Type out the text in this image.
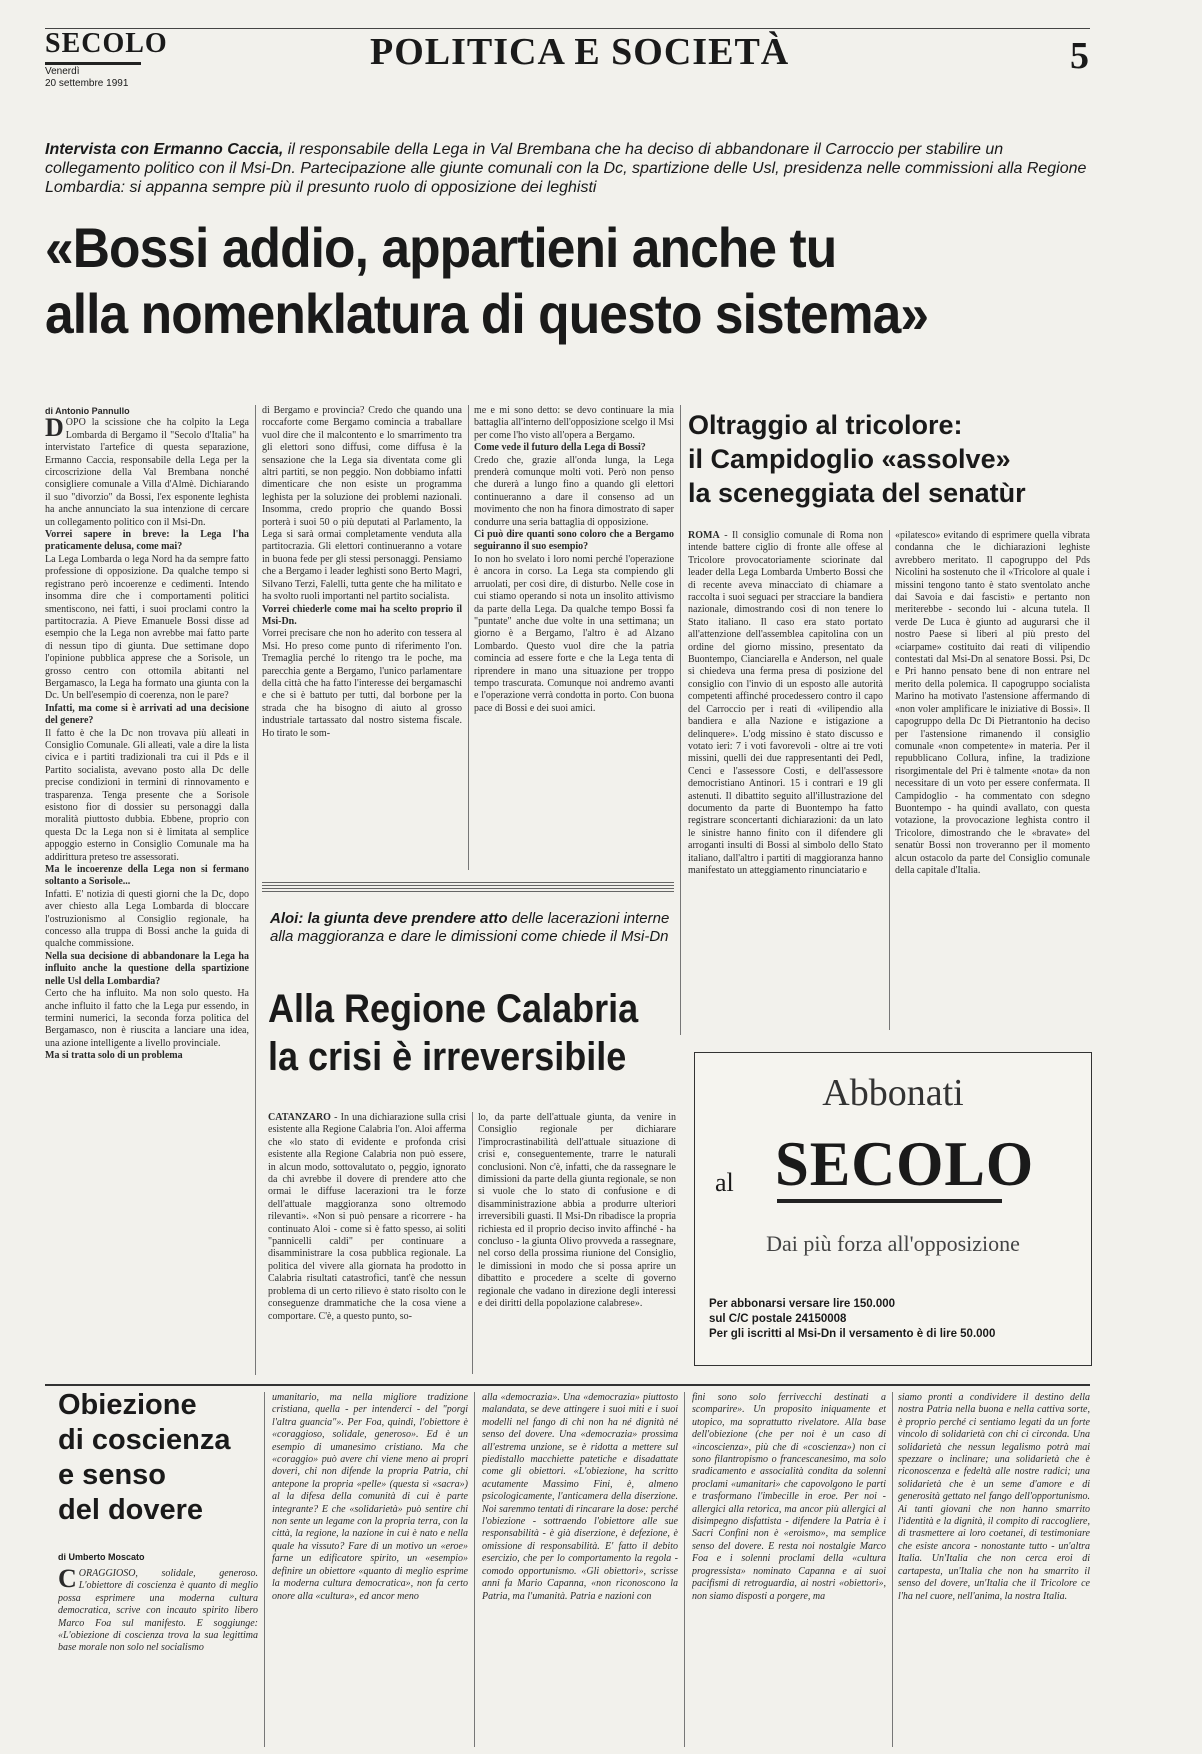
SECOLO
Venerdì
20 settembre 1991
POLITICA E SOCIETÀ	5
Intervista con Ermanno Caccia, il responsabile della Lega in Val Brembana che ha deciso di abbandonare il Carroccio per stabilire un collegamento politico con il Msi-Dn. Partecipazione alle giunte comunali con la Dc, spartizione delle Usl, presidenza nelle commissioni alla Regione Lombardia: si appanna sempre più il presunto ruolo di opposizione dei leghisti
«Bossi addio, appartieni anche tu
alla nomenklatura di questo sistema»
di Antonio Pannullo
D OPO la scissione che ha colpito la Lega Lombarda di Bergamo il "Secolo d'Italia" ha intervistato l'artefice di questa separazione, Ermanno Caccia, responsabile della Lega per la circoscrizione della Val Brembana nonché consigliere comunale a Villa d'Almè. Dichiarando il suo "divorzio" da Bossi, l'ex esponente leghista ha anche annunciato la sua intenzione di cercare un collegamento politico con il Msi-Dn.
Vorrei sapere in breve: la Lega l'ha praticamente delusa, come mai?
La Lega Lombarda o lega Nord ha da sempre fatto professione di opposizione. Da qualche tempo si registrano però incoerenze e cedimenti. Intendo insomma dire che i comportamenti politici smentiscono, nei fatti, i suoi proclami contro la partitocrazia. A Pieve Emanuele Bossi disse ad esempio che la Lega non avrebbe mai fatto parte di nessun tipo di giunta. Due settimane dopo l'opinione pubblica apprese che a Sorisole, un grosso centro con ottomila abitanti nel Bergamasco, la Lega ha formato una giunta con la Dc. Un bell'esempio di coerenza, non le pare?
Infatti, ma come si è arrivati ad una decisione del genere?
Il fatto è che la Dc non trovava più alleati in Consiglio Comunale. Gli alleati, vale a dire la lista civica e i partiti tradizionali tra cui il Pds e il Partito socialista, avevano posto alla Dc delle precise condizioni in termini di rinnovamento e trasparenza. Tenga presente che a Sorisole esistono fior di dossier su personaggi dalla moralità piuttosto dubbia. Ebbene, proprio con questa Dc la Lega non si è limitata al semplice appoggio esterno in Consiglio Comunale ma ha addirittura preteso tre assessorati.
Ma le incoerenze della Lega non si fermano soltanto a Sorisole...
Infatti. E' notizia di questi giorni che la Dc, dopo aver chiesto alla Lega Lombarda di bloccare l'ostruzionismo al Consiglio regionale, ha concesso alla truppa di Bossi anche la guida di qualche commissione.
Nella sua decisione di abbandonare la Lega ha influito anche la questione della spartizione nelle Usl della Lombardia?
Certo che ha influito. Ma non solo questo. Ha anche influito il fatto che la Lega pur essendo, in termini numerici, la seconda forza politica del Bergamasco, non è riuscita a lanciare una idea, una azione intelligente a livello provinciale.
Ma si tratta solo di un problema
di Bergamo e provincia? Credo che quando una roccaforte come Bergamo comincia a traballare vuol dire che il malcontento e lo smarrimento tra gli elettori sono diffusi, come diffusa è la sensazione che la Lega sia diventata come gli altri partiti, se non peggio. Non dobbiamo infatti dimenticare che non esiste un programma leghista per la soluzione dei problemi nazionali. Insomma, credo proprio che quando Bossi porterà i suoi 50 o più deputati al Parlamento, la Lega si sarà ormai completamente venduta alla partitocrazia. Gli elettori continueranno a votare in buona fede per gli stessi personaggi. Pensiamo che a Bergamo i leader leghisti sono Berto Magri, Silvano Terzi, Falelli, tutta gente che ha militato e ha svolto ruoli importanti nel partito socialista.
Vorrei chiederle come mai ha scelto proprio il Msi-Dn.
Vorrei precisare che non ho aderito con tessera al Msi. Ho preso come punto di riferimento l'on. Tremaglia perché lo ritengo tra le poche, ma parecchia gente a Bergamo, l'unico parlamentare della città che ha fatto l'interesse dei bergamaschi e che si è battuto per tutti, dal borbone per la strada che ha bisogno di aiuto al grosso industriale tartassato dal nostro sistema fiscale. Ho tirato le som-
me e mi sono detto: se devo continuare la mia battaglia all'interno dell'opposizione scelgo il Msi per come l'ho visto all'opera a Bergamo.
Come vede il futuro della Lega di Bossi?
Credo che, grazie all'onda lunga, la Lega prenderà comunque molti voti. Però non penso che durerà a lungo fino a quando gli elettori continueranno a dare il consenso ad un movimento che non ha finora dimostrato di saper condurre una seria battaglia di opposizione.
Ci può dire quanti sono coloro che a Bergamo seguiranno il suo esempio?
Io non ho svelato i loro nomi perché l'operazione è ancora in corso. La Lega sta compiendo gli arruolati, per così dire, di disturbo. Nelle cose in cui stiamo operando si nota un insolito attivismo da parte della Lega. Da qualche tempo Bossi fa "puntate" anche due volte in una settimana; un giorno è a Bergamo, l'altro è ad Alzano Lombardo. Questo vuol dire che la patria comincia ad essere forte e che la Lega tenta di riprendere in mano una situazione per troppo tempo trascurata. Comunque noi andremo avanti e l'operazione verrà condotta in porto. Con buona pace di Bossi e dei suoi amici.
Oltraggio al tricolore:
il Campidoglio «assolve»
la sceneggiata del senatùr
ROMA - Il consiglio comunale di Roma non intende battere ciglio di fronte alle offese al Tricolore provocatoriamente sciorinate dal leader della Lega Lombarda Umberto Bossi che di recente aveva minacciato di chiamare a raccolta i suoi seguaci per stracciare la bandiera nazionale, dimostrando così di non tenere lo Stato italiano. Il caso era stato portato all'attenzione dell'assemblea capitolina con un ordine del giorno missino, presentato da Buontempo, Cianciarella e Anderson, nel quale si chiedeva una ferma presa di posizione del consiglio con l'invio di un esposto alle autorità competenti affinché procedessero contro il capo del Carroccio per i reati di «vilipendio alla bandiera e alla Nazione e istigazione a delinquere». L'odg missino è stato discusso e votato ieri: 7 i voti favorevoli - oltre ai tre voti missini, quelli dei due rappresentanti dei Pedl, Cenci e l'assessore Costi, e dell'assessore democristiano Antinori. 15 i contrari e 19 gli astenuti. Il dibattito seguito all'illustrazione del documento da parte di Buontempo ha fatto registrare sconcertanti dichiarazioni: da un lato le sinistre hanno finito con il difendere gli arroganti insulti di Bossi al simbolo dello Stato italiano, dall'altro i partiti di maggioranza hanno manifestato un atteggiamento rinunciatario e
«pilatesco» evitando di esprimere quella vibrata condanna che le dichiarazioni leghiste avrebbero meritato. Il capogruppo del Pds Nicolini ha sostenuto che il «Tricolore al quale i missini tengono tanto è stato sventolato anche dai Savoia e dai fascisti» e pertanto non meriterebbe - secondo lui - alcuna tutela. Il verde De Luca è giunto ad augurarsi che il nostro Paese si liberi al più presto del «ciarpame» costituito dai reati di vilipendio contestati dal Msi-Dn al senatore Bossi. Psi, Dc e Pri hanno pensato bene di non entrare nel merito della polemica. Il capogruppo socialista Marino ha motivato l'astensione affermando di «non voler amplificare le iniziative di Bossi». Il capogruppo della Dc Di Pietrantonio ha deciso per l'astensione rimanendo il consiglio comunale «non competente» in materia. Per il repubblicano Collura, infine, la tradizione risorgimentale del Pri è talmente «nota» da non necessitare di un voto per essere confermata. Il Campidoglio - ha commentato con sdegno Buontempo - ha quindi avallato, con questa votazione, la provocazione leghista contro il Tricolore, dimostrando che le «bravate» del senatùr Bossi non troveranno per il momento alcun ostacolo da parte del Consiglio comunale della capitale d'Italia.
Aloi: la giunta deve prendere atto delle lacerazioni interne alla maggioranza e dare le dimissioni come chiede il Msi-Dn
Alla Regione Calabria
la crisi è irreversibile
CATANZARO - In una dichiarazione sulla crisi esistente alla Regione Calabria l'on. Aloi afferma che «lo stato di evidente e profonda crisi esistente alla Regione Calabria non può essere, in alcun modo, sottovalutato o, peggio, ignorato da chi avrebbe il dovere di prendere atto che ormai le diffuse lacerazioni tra le forze dell'attuale maggioranza sono oltremodo rilevanti». «Non si può pensare a ricorrere - ha continuato Aloi - come si è fatto spesso, ai soliti "pannicelli caldi" per continuare a disamministrare la cosa pubblica regionale. La politica del vivere alla giornata ha prodotto in Calabria risultati catastrofici, tant'è che nessun problema di un certo rilievo è stato risolto con le conseguenze drammatiche che la cosa viene a comportare. C'è, a questo punto, so-
lo, da parte dell'attuale giunta, da venire in Consiglio regionale per dichiarare l'improcrastinabilità dell'attuale situazione di crisi e, conseguentemente, trarre le naturali conclusioni. Non c'è, infatti, che da rassegnare le dimissioni da parte della giunta regionale, se non si vuole che lo stato di confusione e di disamministrazione abbia a produrre ulteriori irreversibili guasti. Il Msi-Dn ribadisce la propria richiesta ed il proprio deciso invito affinché - ha concluso - la giunta Olivo provveda a rassegnare, nel corso della prossima riunione del Consiglio, le dimissioni in modo che si possa aprire un dibattito e procedere a scelte di governo regionale che vadano in direzione degli interessi e dei diritti della popolazione calabrese».
Abbonati
al SECOLO
Dai più forza all'opposizione
Per abbonarsi versare lire 150.000
sul C/C postale 24150008
Per gli iscritti al Msi-Dn il versamento è di lire 50.000
Obiezione
di coscienza
e senso
del dovere
di Umberto Moscato
CORAGGIOSO, solidale, generoso. L'obiettore di coscienza è quanto di meglio possa esprimere una moderna cultura democratica, scrive con incauto spirito libero Marco Foa sul manifesto. E soggiunge: «L'obiezione di coscienza trova la sua legittima base morale non solo nel socialismo
umanitario, ma nella migliore tradizione cristiana, quella - per intenderci - del "porgi l'altra guancia"». Per Foa, quindi, l'obiettore è «coraggioso, solidale, generoso». Ed è un esempio di umanesimo cristiano. Ma che «coraggio» può avere chi viene meno ai propri doveri, chi non difende la propria Patria, chi antepone la propria «pelle» (questa sì «sacra») al la difesa della comunità di cui è parte integrante? E che «solidarietà» può sentire chi non sente un legame con la propria terra, con la città, la regione, la nazione in cui è nato e nella quale ha vissuto? Fare di un motivo un «eroe» farne un edificatore spirito, un «esempio» definire un obiettore «quanto di meglio esprime la moderna cultura democratica», non fa certo onore alla «cultura», ed ancor meno
alla «democrazia». Una «democrazia» piuttosto malandata, se deve attingere i suoi miti e i suoi modelli nel fango di chi non ha né dignità né senso del dovere. Una «democrazia» prossima all'estrema unzione, se è ridotta a mettere sul piedistallo macchiette patetiche e disadattate come gli obiettori. «L'obiezione, ha scritto acutamente Massimo Fini, è, almeno psicologicamente, l'anticamera della diserzione. Noi saremmo tentati di rincarare la dose: perché l'obiezione - sottraendo l'obiettore alle sue responsabilità - è già diserzione, è defezione, è omissione di responsabilità. E' fatto il debito esercizio, che per lo comportamento la regola - comodo opportunismo. «Gli obiettori», scrisse anni fa Mario Capanna, «non riconoscono la Patria, ma l'umanità. Patria e nazioni con
fini sono solo ferrivecchi destinati a scomparire». Un proposito iniquamente et utopico, ma soprattutto rivelatore. Alla base dell'obiezione (che per noi è un caso di «incoscienza», più che di «coscienza») non ci sono filantropismo o francescanesimo, ma solo sradicamento e associalità condita da solenni proclami «umanitari» che capovolgono le parti e trasformano l'imbecille in eroe. Per noi - allergici alla retorica, ma ancor più allergici al disimpegno disfattista - difendere la Patria è i Sacri Confini non è «eroismo», ma semplice senso del dovere. E resta noi nostalgie Marco Foa e i solenni proclami della «cultura progressista» nominato Capanna e ai suoi pacifismi di retroguardia, ai nostri «obiettori», non siamo disposti a porgere, ma
siamo pronti a condividere il destino della nostra Patria nella buona e nella cattiva sorte, è proprio perché ci sentiamo legati da un forte vincolo di solidarietà con chi ci circonda. Una solidarietà che nessun legalismo potrà mai spezzare o inclinare; una solidarietà che è riconoscenza e fedeltà alle nostre radici; una solidarietà che è un seme d'amore e di generosità gettato nel fango dell'opportunismo. Ai tanti giovani che non hanno smarrito l'identità e la dignità, il compito di raccogliere, di trasmettere ai loro coetanei, di testimoniare che esiste ancora - nonostante tutto - un'altra Italia. Un'Italia che non cerca eroi di cartapesta, un'Italia che non ha smarrito il senso del dovere, un'Italia che il Tricolore ce l'ha nel cuore, nell'anima, la nostra Italia.
